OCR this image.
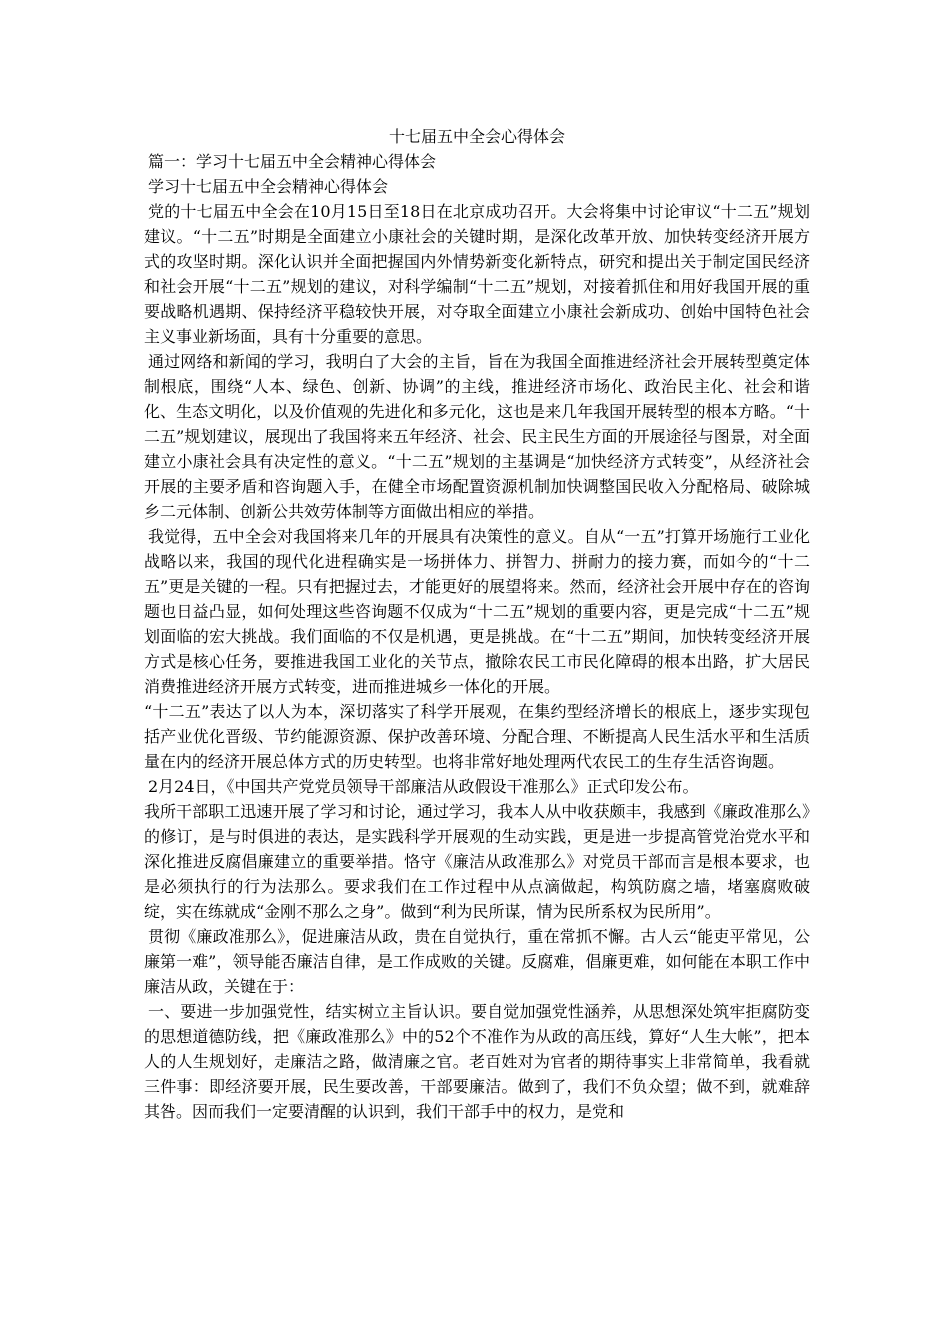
十七届五中全会心得体会
篇一：学习十七届五中全会精神心得体会
学习十七届五中全会精神心得体会

党的十七届五中全会在10月15日至18日在北京成功召开。大会将集中讨论审议“十二五”规划建议。“十二五”时期是全面建立小康社会的关键时期，是深化改革开放、加快转变经济开展方式的攻坚时期。深化认识并全面把握国内外情势新变化新特点，研究和提出关于制定国民经济和社会开展“十二五”规划的建议，对科学编制“十二五”规划，对接着抓住和用好我国开展的重要战略机遇期、保持经济平稳较快开展，对夺取全面建立小康社会新成功、创始中国特色社会主义事业新场面，具有十分重要的意思。

通过网络和新闻的学习，我明白了大会的主旨，旨在为我国全面推进经济社会开展转型奠定体制根底，围绕“人本、绿色、创新、协调”的主线，推进经济市场化、政治民主化、社会和谐化、生态文明化，以及价值观的先进化和多元化，这也是来几年我国开展转型的根本方略。“十二五”规划建议，展现出了我国将来五年经济、社会、民主民生方面的开展途径与图景，对全面建立小康社会具有决定性的意义。“十二五”规划的主基调是“加快经济方式转变”，从经济社会开展的主要矛盾和咨询题入手，在健全市场配置资源机制加快调整国民收入分配格局、破除城乡二元体制、创新公共效劳体制等方面做出相应的举措。

我觉得，五中全会对我国将来几年的开展具有决策性的意义。自从“一五”打算开场施行工业化战略以来，我国的现代化进程确实是一场拼体力、拼智力、拼耐力的接力赛，而如今的“十二五”更是关键的一程。只有把握过去，才能更好的展望将来。然而，经济社会开展中存在的咨询题也日益凸显，如何处理这些咨询题不仅成为“十二五”规划的重要内容，更是完成“十二五”规划面临的宏大挑战。我们面临的不仅是机遇，更是挑战。在“十二五”期间，加快转变经济开展方式是核心任务，要推进我国工业化的关节点，撤除农民工市民化障碍的根本出路，扩大居民消费推进经济开展方式转变，进而推进城乡一体化的开展。

“十二五”表达了以人为本，深切落实了科学开展观，在集约型经济增长的根底上，逐步实现包括产业优化晋级、节约能源资源、保护改善环境、分配合理、不断提高人民生活水平和生活质量在内的经济开展总体方式的历史转型。也将非常好地处理两代农民工的生存生活咨询题。

2月24日，《中国共产党党员领导干部廉洁从政假设干准那么》正式印发公布。

我所干部职工迅速开展了学习和讨论，通过学习，我本人从中收获颇丰，我感到《廉政准那么》的修订，是与时俱进的表达，是实践科学开展观的生动实践，更是进一步提高管党治党水平和深化推进反腐倡廉建立的重要举措。恪守《廉洁从政准那么》对党员干部而言是根本要求，也是必须执行的行为法那么。要求我们在工作过程中从点滴做起，构筑防腐之墙，堵塞腐败破绽，实在练就成“金刚不那么之身”。做到“利为民所谋，情为民所系权为民所用”。

贯彻《廉政准那么》，促进廉洁从政，贵在自觉执行，重在常抓不懈。古人云“能吏平常见，公廉第一难”，领导能否廉洁自律，是工作成败的关键。反腐难，倡廉更难，如何能在本职工作中廉洁从政，关键在于：

一、要进一步加强党性，结实树立主旨认识。要自觉加强党性涵养，从思想深处筑牢拒腐防变的思想道德防线，把《廉政准那么》中的52个不准作为从政的高压线，算好“人生大帐”，把本人的人生规划好，走廉洁之路，做清廉之官。老百姓对为官者的期待事实上非常简单，我看就三件事：即经济要开展，民生要改善，干部要廉洁。做到了，我们不负众望；做不到，就难辞其咎。因而我们一定要清醒的认识到，我们干部手中的权力，是党和
